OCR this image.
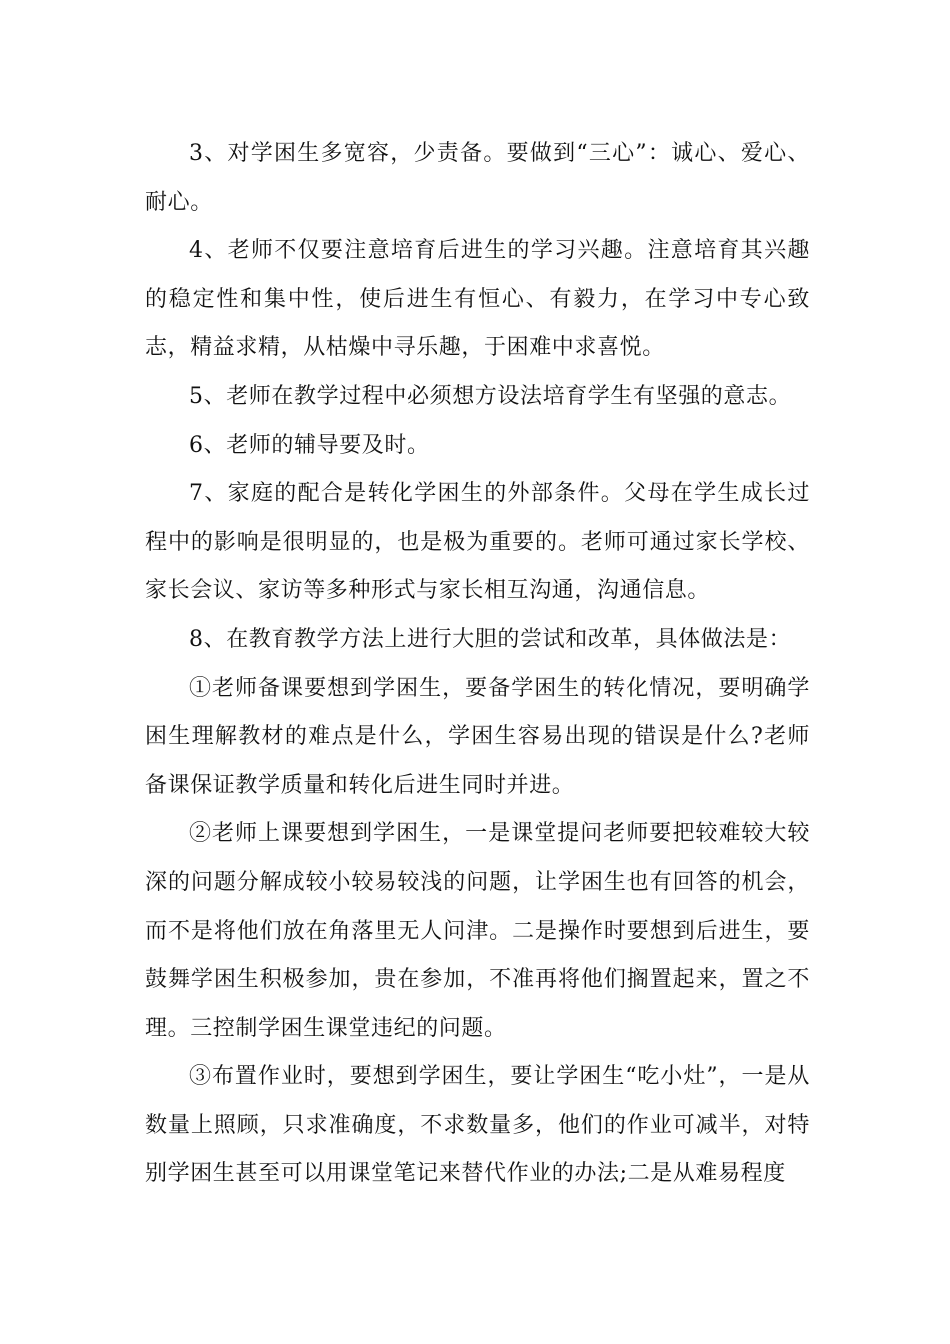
3、对学困生多宽容，少责备。要做到“三心”：诚心、爱心、耐心。

4、老师不仅要注意培育后进生的学习兴趣。注意培育其兴趣的稳定性和集中性，使后进生有恒心、有毅力，在学习中专心致志，精益求精，从枯燥中寻乐趣，于困难中求喜悦。

5、老师在教学过程中必须想方设法培育学生有坚强的意志。

6、老师的辅导要及时。

7、家庭的配合是转化学困生的外部条件。父母在学生成长过程中的影响是很明显的，也是极为重要的。老师可通过家长学校、家长会议、家访等多种形式与家长相互沟通，沟通信息。

8、在教育教学方法上进行大胆的尝试和改革，具体做法是：

①老师备课要想到学困生，要备学困生的转化情况，要明确学困生理解教材的难点是什么，学困生容易出现的错误是什么?老师备课保证教学质量和转化后进生同时并进。

②老师上课要想到学困生，一是课堂提问老师要把较难较大较深的问题分解成较小较易较浅的问题，让学困生也有回答的机会，而不是将他们放在角落里无人问津。二是操作时要想到后进生，要鼓舞学困生积极参加，贵在参加，不准再将他们搁置起来，置之不理。三控制学困生课堂违纪的问题。

③布置作业时，要想到学困生，要让学困生“吃小灶”，一是从数量上照顾，只求准确度，不求数量多，他们的作业可减半，对特别学困生甚至可以用课堂笔记来替代作业的办法;二是从难易程度
